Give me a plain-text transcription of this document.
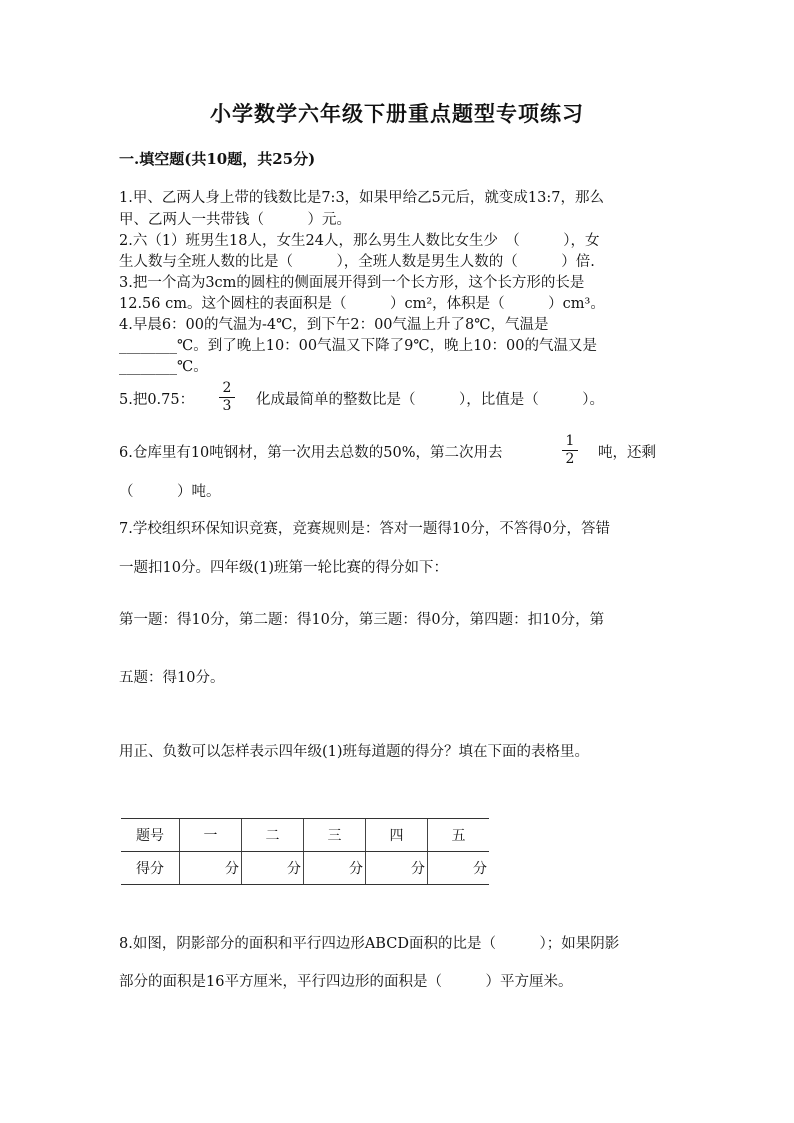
小学数学六年级下册重点题型专项练习
一.填空题(共10题，共25分)
1.甲、乙两人身上带的钱数比是7:3，如果甲给乙5元后，就变成13:7，那么
甲、乙两人一共带钱（　　　）元。
2.六（1）班男生18人，女生24人，那么男生人数比女生少　（　　　），女
生人数与全班人数的比是（　　　），全班人数是男生人数的（　　　）倍.
3.把一个高为3cm的圆柱的侧面展开得到一个长方形，这个长方形的长是
12.56 cm。这个圆柱的表面积是（　　　）cm²，体积是（　　　）cm³。
4.早晨6：00的气温为-4℃，到下午2：00气温上升了8℃，气温是
________℃。到了晚上10：00气温又下降了9℃，晚上10：00的气温又是
________℃。
5.把0.75： $\frac{2}{3}$ 化成最简单的整数比是（　　　），比值是（　　　）。
6.仓库里有10吨钢材，第一次用去总数的50%，第二次用去	$\frac{1}{2}$ 吨，还剩
（　　　）吨。
7.学校组织环保知识竞赛，竞赛规则是：答对一题得10分，不答得0分，答错
一题扣10分。四年级(1)班第一轮比赛的得分如下：
第一题：得10分，第二题：得10分，第三题：得0分，第四题：扣10分，第
五题：得10分。
用正、负数可以怎样表示四年级(1)班每道题的得分？填在下面的表格里。
题号	一	二	三	四	五
得分	分	分	分	分	分
8.如图，阴影部分的面积和平行四边形ABCD面积的比是（　　　）；如果阴影
部分的面积是16平方厘米，平行四边形的面积是（　　　）平方厘米。
